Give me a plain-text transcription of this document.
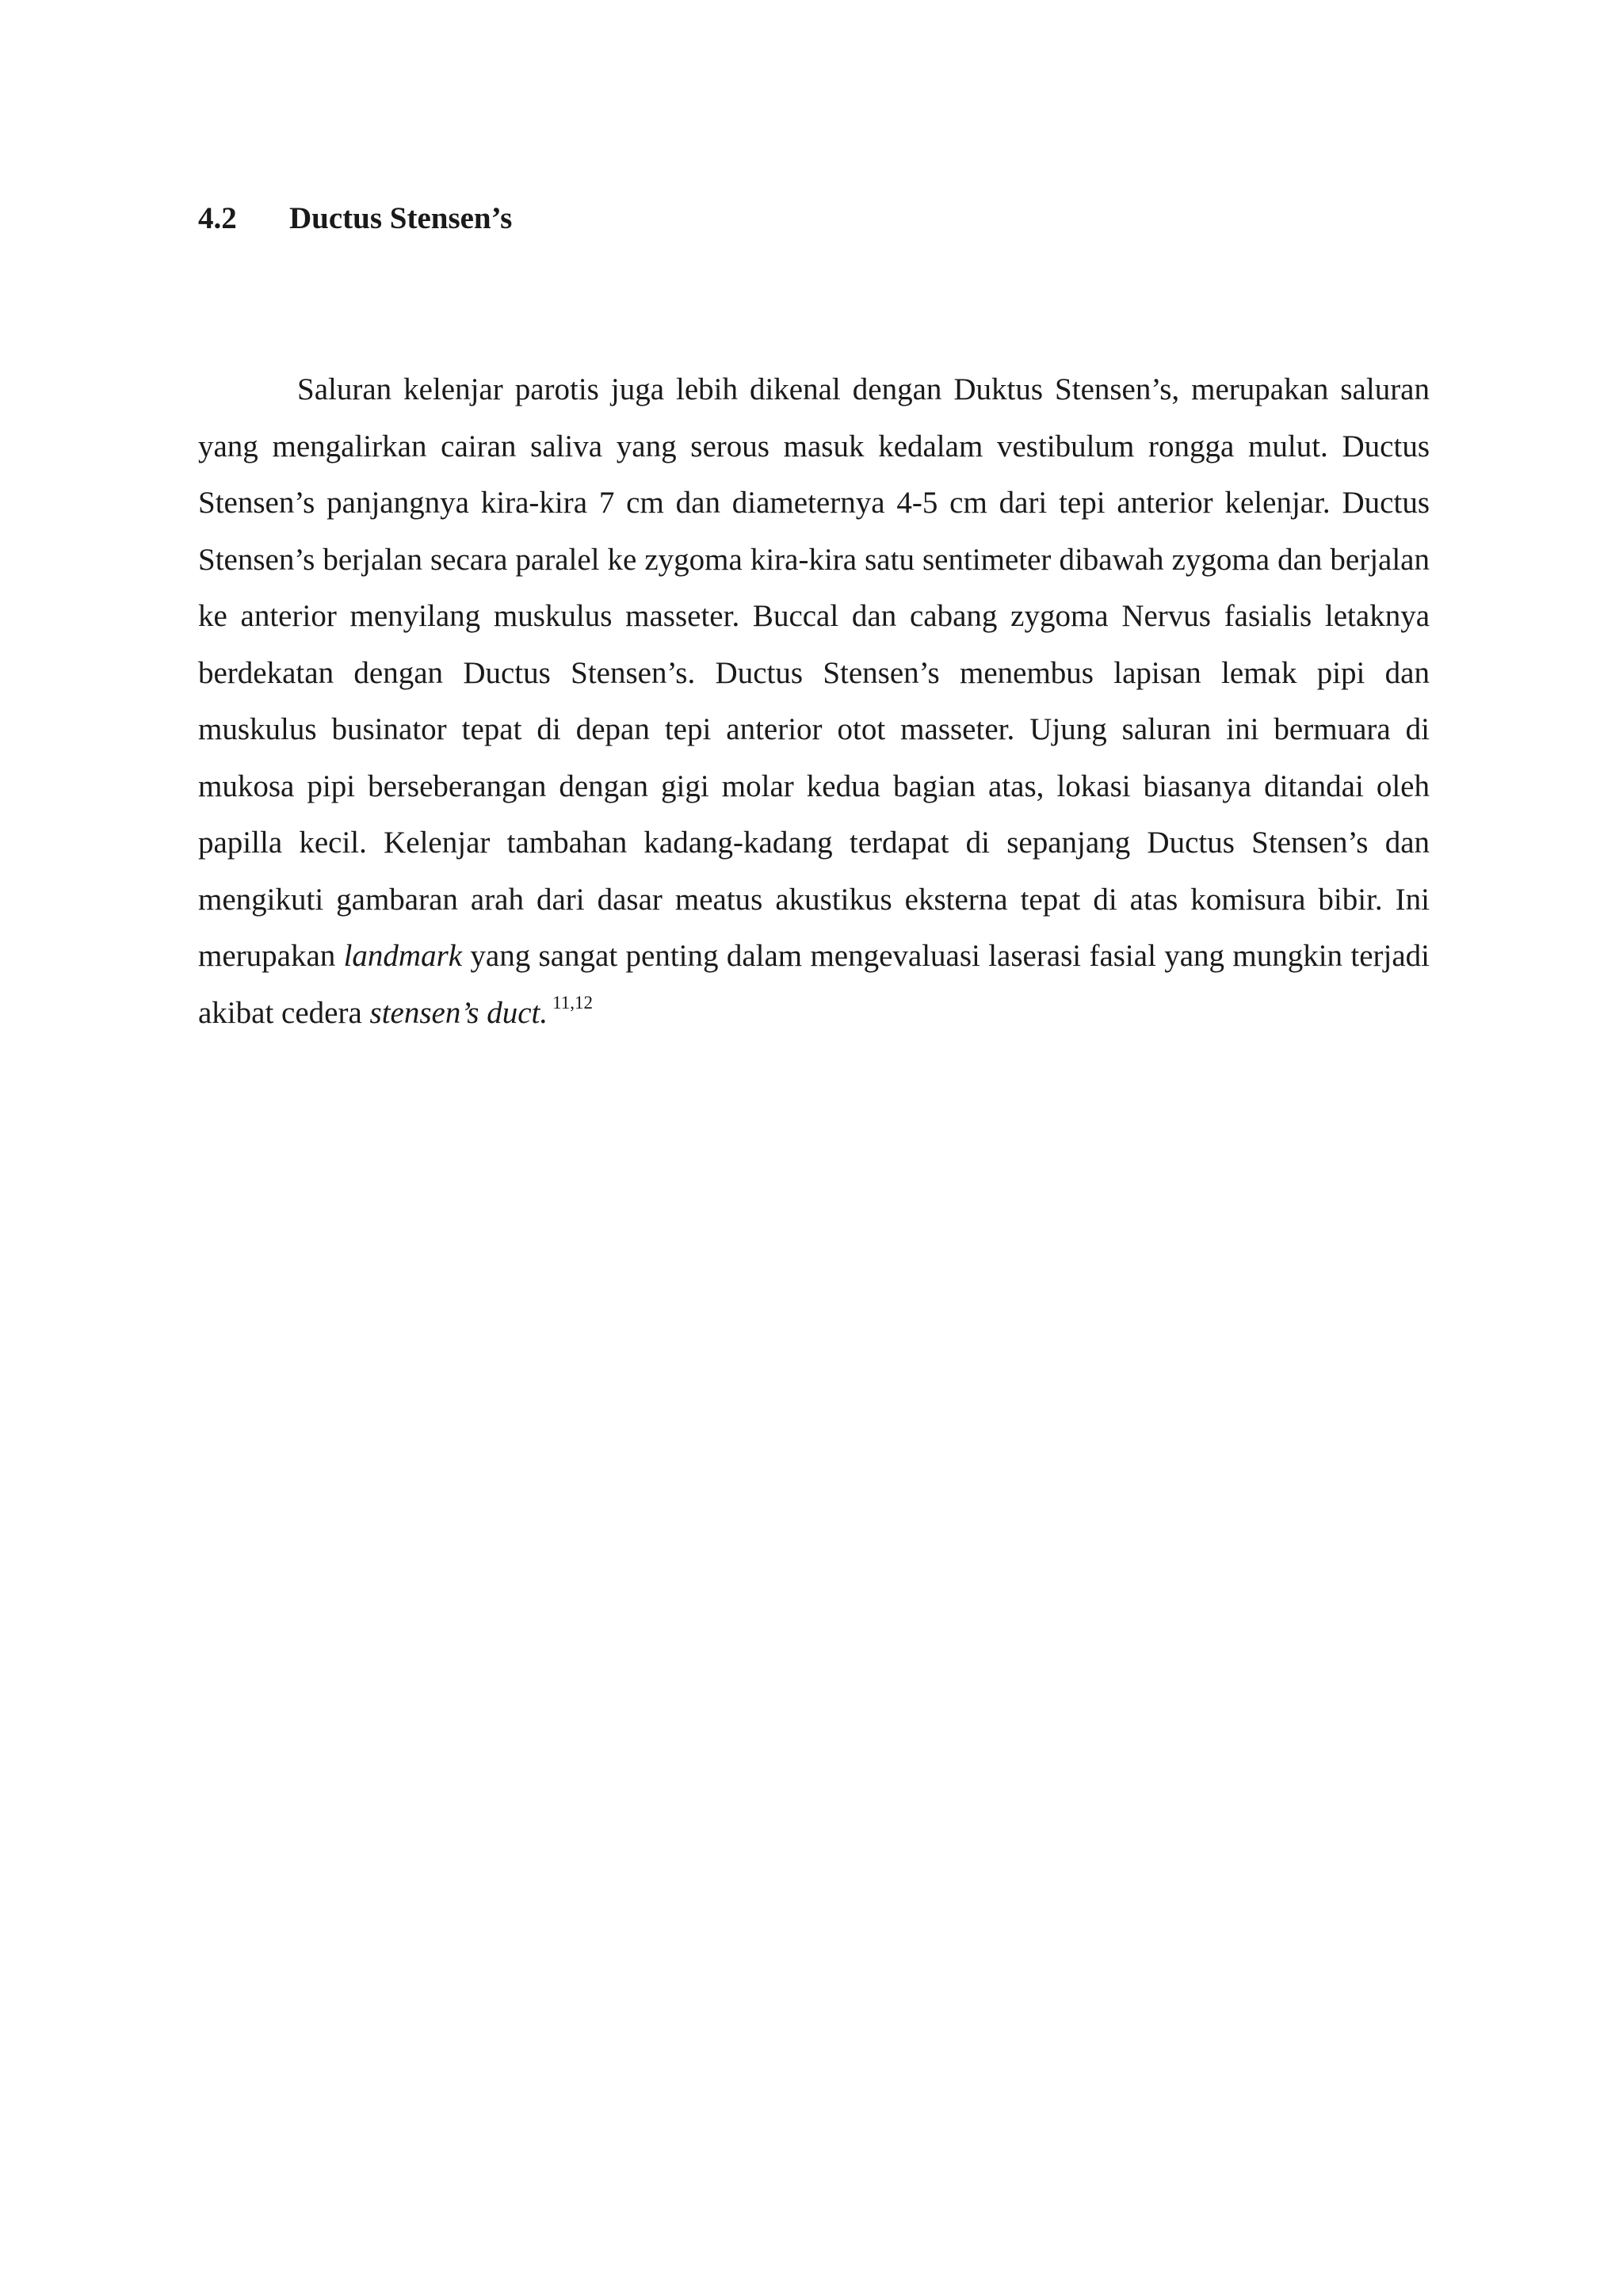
4.2 Ductus Stensen’s

Saluran kelenjar parotis juga lebih dikenal dengan Duktus Stensen’s, merupakan saluran yang mengalirkan cairan saliva yang serous masuk kedalam vestibulum rongga mulut. Ductus Stensen’s panjangnya kira-kira 7 cm dan diameternya 4-5 cm dari tepi anterior kelenjar. Ductus Stensen’s berjalan secara paralel ke zygoma kira-kira satu sentimeter dibawah zygoma dan berjalan ke anterior menyilang muskulus masseter. Buccal dan cabang zygoma Nervus fasialis letaknya berdekatan dengan Ductus Stensen’s. Ductus Stensen’s menembus lapisan lemak pipi dan muskulus businator tepat di depan tepi anterior otot masseter. Ujung saluran ini bermuara di mukosa pipi berseberangan dengan gigi molar kedua bagian atas, lokasi biasanya ditandai oleh papilla kecil. Kelenjar tambahan kadang-kadang terdapat di sepanjang Ductus Stensen’s dan mengikuti gambaran arah dari dasar meatus akustikus eksterna tepat di atas komisura bibir. Ini merupakan landmark yang sangat penting dalam mengevaluasi laserasi fasial yang mungkin terjadi akibat cedera stensen’s duct. $^{11,12}$
